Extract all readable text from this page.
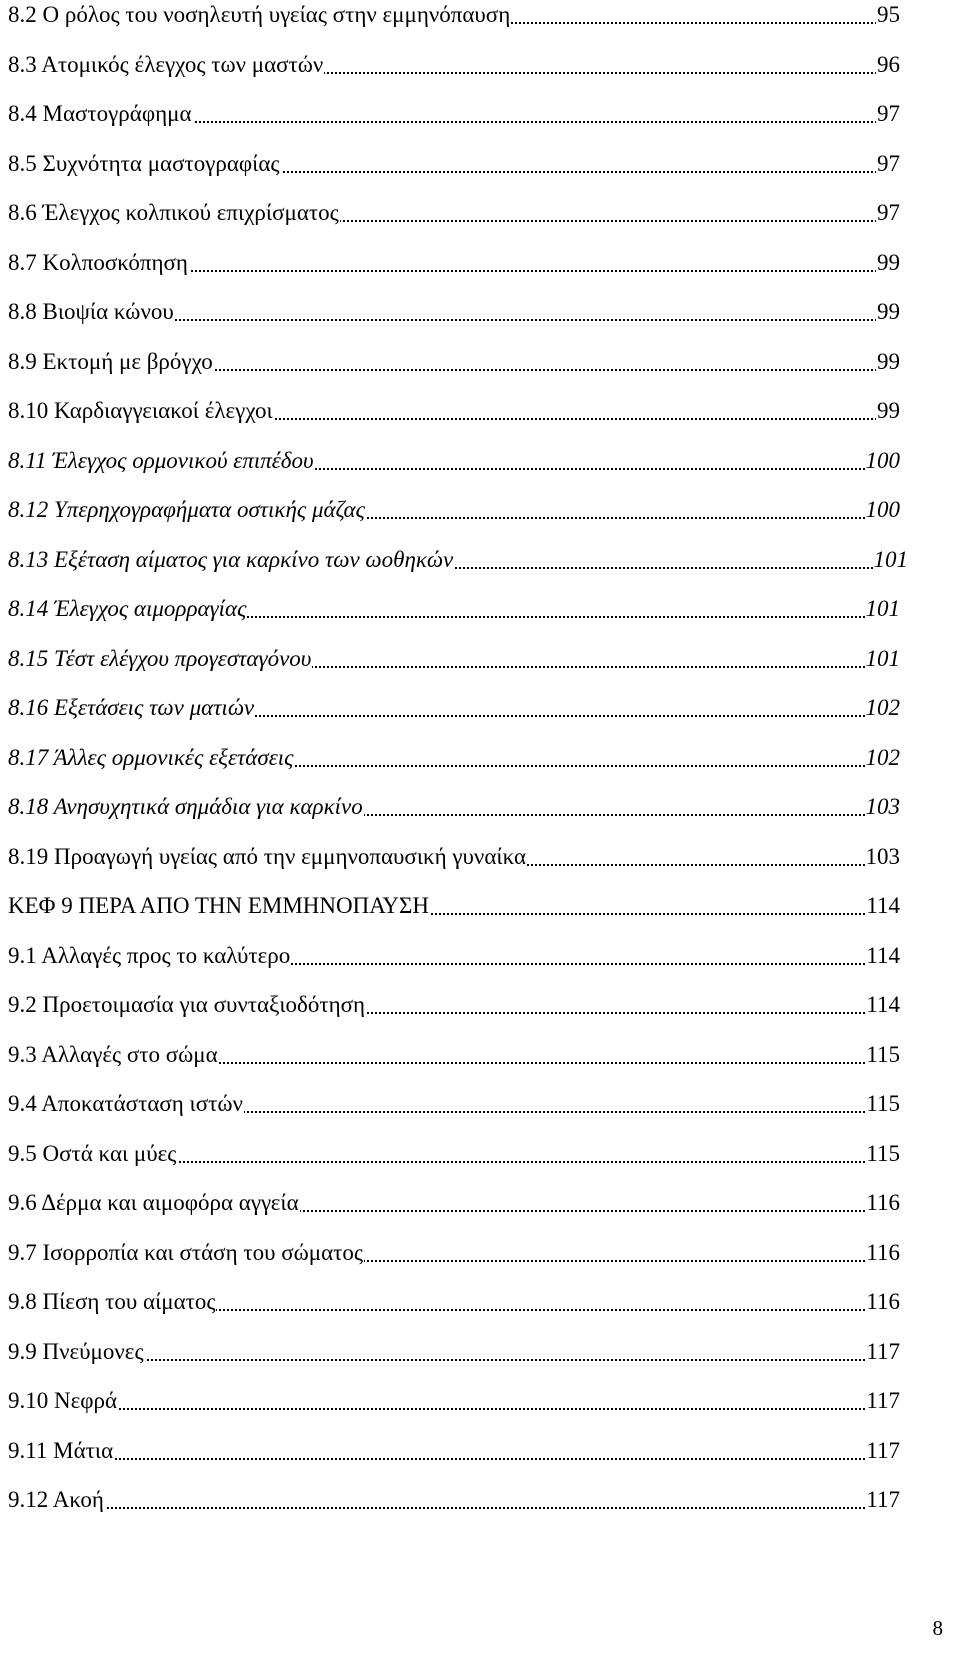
8.2 Ο ρόλος του νοσηλευτή υγείας στην εμμηνόπαυση	95
8.3 Ατομικός έλεγχος των μαστών	96
8.4 Μαστογράφημα	97
8.5 Συχνότητα μαστογραφίας	97
8.6 Έλεγχος κολπικού επιχρίσματος	97
8.7 Κολποσκόπηση	99
8.8 Βιοψία κώνου	99
8.9 Εκτομή με βρόγχο	99
8.10 Καρδιαγγειακοί έλεγχοι	99
8.11 Έλεγχος ορμονικού επιπέδου	100
8.12 Υπερηχογραφήματα οστικής μάζας	100
8.13 Εξέταση αίματος για καρκίνο των ωοθηκών	101
8.14 Έλεγχος αιμορραγίας	101
8.15 Τέστ ελέγχου προγεσταγόνου	101
8.16 Εξετάσεις των ματιών	102
8.17 Άλλες ορμονικές εξετάσεις	102
8.18 Ανησυχητικά σημάδια για καρκίνο	103
8.19 Προαγωγή υγείας από την εμμηνοπαυσική γυναίκα	103
ΚΕΦ 9 ΠΕΡΑ ΑΠΟ ΤΗΝ ΕΜΜΗΝΟΠΑΥΣΗ	114
9.1 Αλλαγές προς το καλύτερο	114
9.2 Προετοιμασία για συνταξιοδότηση	114
9.3 Αλλαγές στο σώμα	115
9.4 Αποκατάσταση ιστών	115
9.5 Οστά και μύες	115
9.6 Δέρμα και αιμοφόρα αγγεία	116
9.7 Ισορροπία και στάση του σώματος	116
9.8 Πίεση του αίματος	116
9.9 Πνεύμονες	117
9.10 Νεφρά	117
9.11 Μάτια	117
9.12 Ακοή	117
8
